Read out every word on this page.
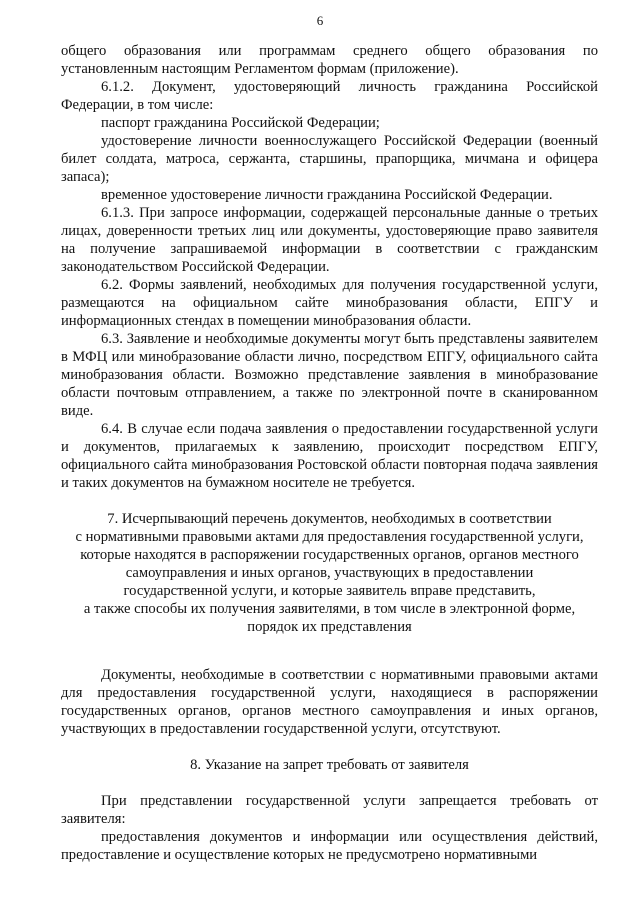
6

общего образования или программам среднего общего образования по установленным настоящим Регламентом формам (приложение).

6.1.2. Документ, удостоверяющий личность гражданина Российской Федерации, в том числе:

паспорт гражданина Российской Федерации;

удостоверение личности военнослужащего Российской Федерации (военный билет солдата, матроса, сержанта, старшины, прапорщика, мичмана и офицера запаса);

временное удостоверение личности гражданина Российской Федерации.

6.1.3. При запросе информации, содержащей персональные данные о третьих лицах, доверенности третьих лиц или документы, удостоверяющие право заявителя на получение запрашиваемой информации в соответствии с гражданским законодательством Российской Федерации.

6.2. Формы заявлений, необходимых для получения государственной услуги, размещаются на официальном сайте минобразования области, ЕПГУ и информационных стендах в помещении минобразования области.

6.3. Заявление и необходимые документы могут быть представлены заявителем в МФЦ или минобразование области лично, посредством ЕПГУ, официального сайта минобразования области. Возможно представление заявления в минобразование области почтовым отправлением, а также по электронной почте в сканированном виде.

6.4. В случае если подача заявления о предоставлении государственной услуги и документов, прилагаемых к заявлению, происходит посредством ЕПГУ, официального сайта минобразования Ростовской области повторная подача заявления и таких документов на бумажном носителе не требуется.

7. Исчерпывающий перечень документов, необходимых в соответствии

с нормативными правовыми актами для предоставления государственной услуги,

которые находятся в распоряжении государственных органов, органов местного

самоуправления и иных органов, участвующих в предоставлении

государственной услуги, и которые заявитель вправе представить,

а также способы их получения заявителями, в том числе в электронной форме,

порядок их представления

Документы, необходимые в соответствии с нормативными правовыми актами для предоставления государственной услуги, находящиеся в распоряжении государственных органов, органов местного самоуправления и иных органов, участвующих в предоставлении государственной услуги, отсутствуют.

8. Указание на запрет требовать от заявителя

При представлении государственной услуги запрещается требовать от заявителя:

предоставления документов и информации или осуществления действий, предоставление и осуществление которых не предусмотрено нормативными
